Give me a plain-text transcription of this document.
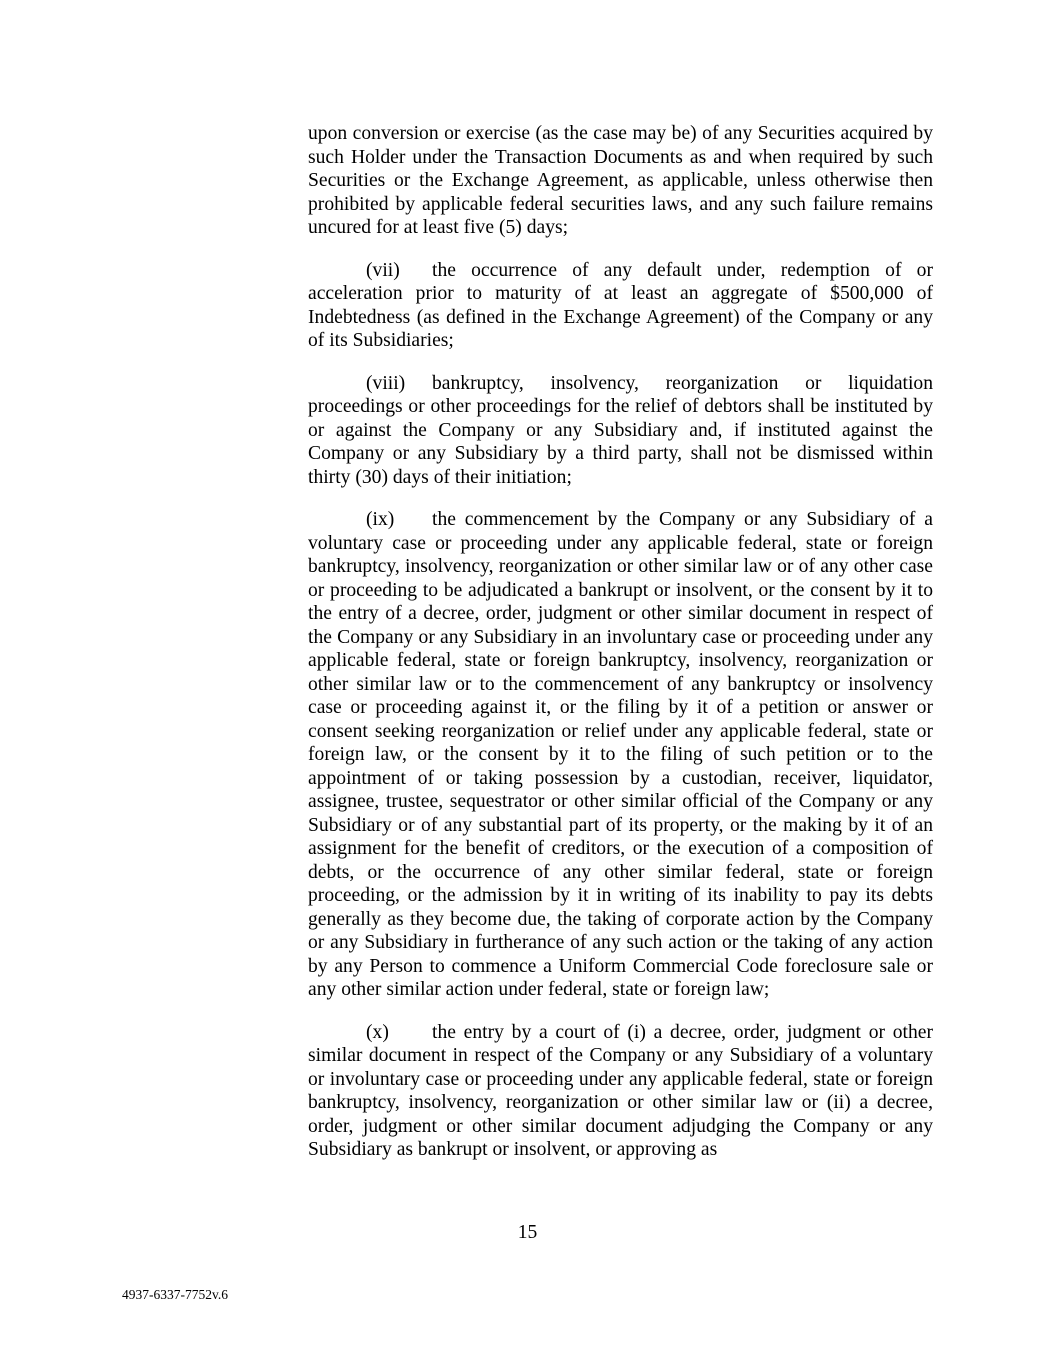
upon conversion or exercise (as the case may be) of any Securities acquired by such Holder under the Transaction Documents as and when required by such Securities or the Exchange Agreement, as applicable, unless otherwise then prohibited by applicable federal securities laws, and any such failure remains uncured for at least five (5) days;

(vii) the occurrence of any default under, redemption of or acceleration prior to maturity of at least an aggregate of $500,000 of Indebtedness (as defined in the Exchange Agreement) of the Company or any of its Subsidiaries;

(viii) bankruptcy, insolvency, reorganization or liquidation proceedings or other proceedings for the relief of debtors shall be instituted by or against the Company or any Subsidiary and, if instituted against the Company or any Subsidiary by a third party, shall not be dismissed within thirty (30) days of their initiation;

(ix) the commencement by the Company or any Subsidiary of a voluntary case or proceeding under any applicable federal, state or foreign bankruptcy, insolvency, reorganization or other similar law or of any other case or proceeding to be adjudicated a bankrupt or insolvent, or the consent by it to the entry of a decree, order, judgment or other similar document in respect of the Company or any Subsidiary in an involuntary case or proceeding under any applicable federal, state or foreign bankruptcy, insolvency, reorganization or other similar law or to the commencement of any bankruptcy or insolvency case or proceeding against it, or the filing by it of a petition or answer or consent seeking reorganization or relief under any applicable federal, state or foreign law, or the consent by it to the filing of such petition or to the appointment of or taking possession by a custodian, receiver, liquidator, assignee, trustee, sequestrator or other similar official of the Company or any Subsidiary or of any substantial part of its property, or the making by it of an assignment for the benefit of creditors, or the execution of a composition of debts, or the occurrence of any other similar federal, state or foreign proceeding, or the admission by it in writing of its inability to pay its debts generally as they become due, the taking of corporate action by the Company or any Subsidiary in furtherance of any such action or the taking of any action by any Person to commence a Uniform Commercial Code foreclosure sale or any other similar action under federal, state or foreign law;

(x) the entry by a court of (i) a decree, order, judgment or other similar document in respect of the Company or any Subsidiary of a voluntary or involuntary case or proceeding under any applicable federal, state or foreign bankruptcy, insolvency, reorganization or other similar law or (ii) a decree, order, judgment or other similar document adjudging the Company or any Subsidiary as bankrupt or insolvent, or approving as

15
4937-6337-7752v.6
